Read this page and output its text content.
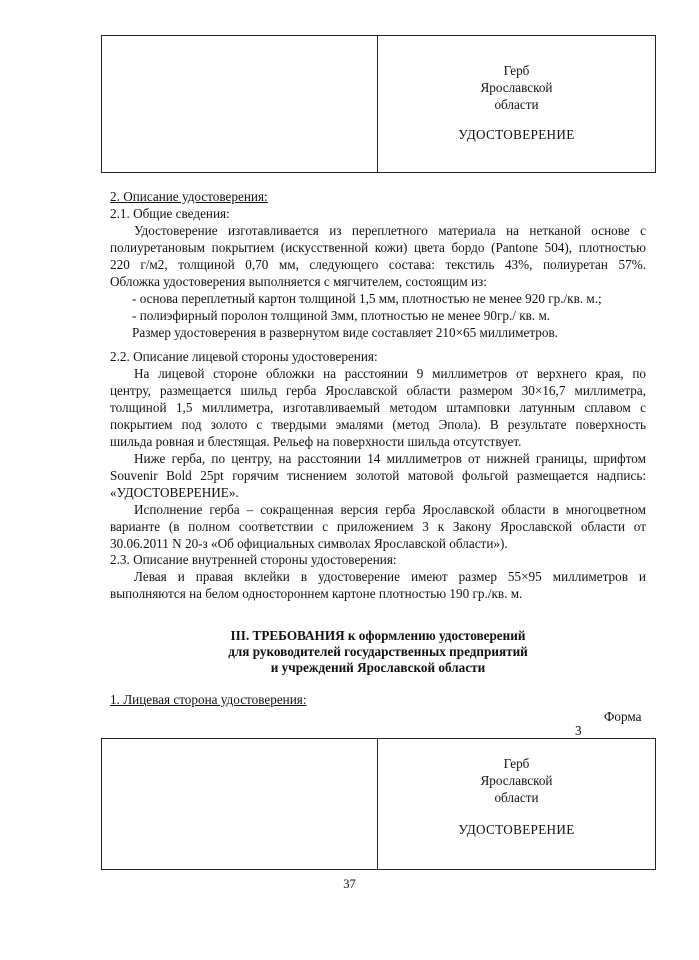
Герб
Ярославской
области
УДОСТОВЕРЕНИЕ
2. Описание удостоверения:
2.1. Общие сведения:
Удостоверение изготавливается из переплетного материала на нетканой основе с
полиуретановым покрытием (искусственной кожи) цвета бордо (Pantone 504), плотностью
220 г/м2, толщиной 0,70 мм, следующего состава: текстиль 43%, полиуретан 57%.
Обложка удостоверения выполняется с мягчителем, состоящим из:
- основа переплетный картон толщиной 1,5 мм, плотностью не менее 920 гр./кв. м.;
- полиэфирный поролон толщиной 3мм, плотностью не менее 90гр./ кв. м.
Размер удостоверения в развернутом виде составляет 210×65 миллиметров.
2.2. Описание лицевой стороны удостоверения:
На лицевой стороне обложки на расстоянии 9 миллиметров от верхнего края, по
центру, размещается шильд герба Ярославской области размером 30×16,7 миллиметра,
толщиной 1,5 миллиметра, изготавливаемый методом штамповки латунным сплавом с
покрытием под золото с твердыми эмалями (метод Эпола). В результате поверхность
шильда ровная и блестящая. Рельеф на поверхности шильда отсутствует.
Ниже герба, по центру, на расстоянии 14 миллиметров от нижней границы, шрифтом
Souvenir Bold 25pt горячим тиснением золотой матовой фольгой размещается надпись:
«УДОСТОВЕРЕНИЕ».
Исполнение герба – сокращенная версия герба Ярославской области в многоцветном
варианте (в полном соответствии с приложением 3 к Закону Ярославской области от
30.06.2011 N 20-з «Об официальных символах Ярославской области»).
2.3. Описание внутренней стороны удостоверения:
Левая и правая вклейки в удостоверение имеют размер 55×95 миллиметров и
выполняются на белом одностороннем картоне плотностью 190 гр./кв. м.
III. ТРЕБОВАНИЯ к оформлению удостоверений
для руководителей государственных предприятий
и учреждений Ярославской области
1. Лицевая сторона удостоверения:
Форма
3
Герб
Ярославской
области
УДОСТОВЕРЕНИЕ
37
